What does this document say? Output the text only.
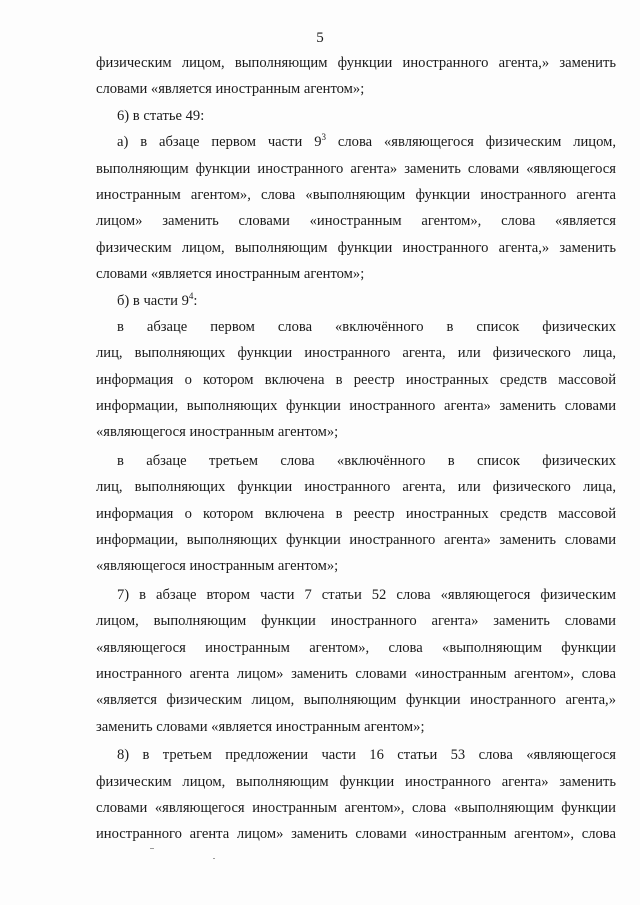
5
физическим лицом, выполняющим функции иностранного агента,» заменить
словами «является иностранным агентом»;
6) в статье 49:
а) в абзаце первом части $9^3$ слова «являющегося физическим лицом,
выполняющим функции иностранного агента» заменить словами «являющегося
иностранным агентом», слова «выполняющим функции иностранного агента
лицом» заменить словами «иностранным агентом», слова «является
физическим лицом, выполняющим функции иностранного агента,» заменить
словами «является иностранным агентом»;
б) в части $9^4$:
в абзаце первом слова «включённого в список физических
лиц, выполняющих функции иностранного агента, или физического лица,
информация о котором включена в реестр иностранных средств массовой
информации, выполняющих функции иностранного агента» заменить словами
«являющегося иностранным агентом»;
в абзаце третьем слова «включённого в список физических
лиц, выполняющих функции иностранного агента, или физического лица,
информация о котором включена в реестр иностранных средств массовой
информации, выполняющих функции иностранного агента» заменить словами
«являющегося иностранным агентом»;
7) в абзаце втором части 7 статьи 52 слова «являющегося физическим
лицом, выполняющим функции иностранного агента» заменить словами
«являющегося иностранным агентом», слова «выполняющим функции
иностранного агента лицом» заменить словами «иностранным агентом», слова
«является физическим лицом, выполняющим функции иностранного агента,»
заменить словами «является иностранным агентом»;
8) в третьем предложении части 16 статьи 53 слова «являющегося
физическим лицом, выполняющим функции иностранного агента» заменить
словами «являющегося иностранным агентом», слова «выполняющим функции
иностранного агента лицом» заменить словами «иностранным агентом», слова
